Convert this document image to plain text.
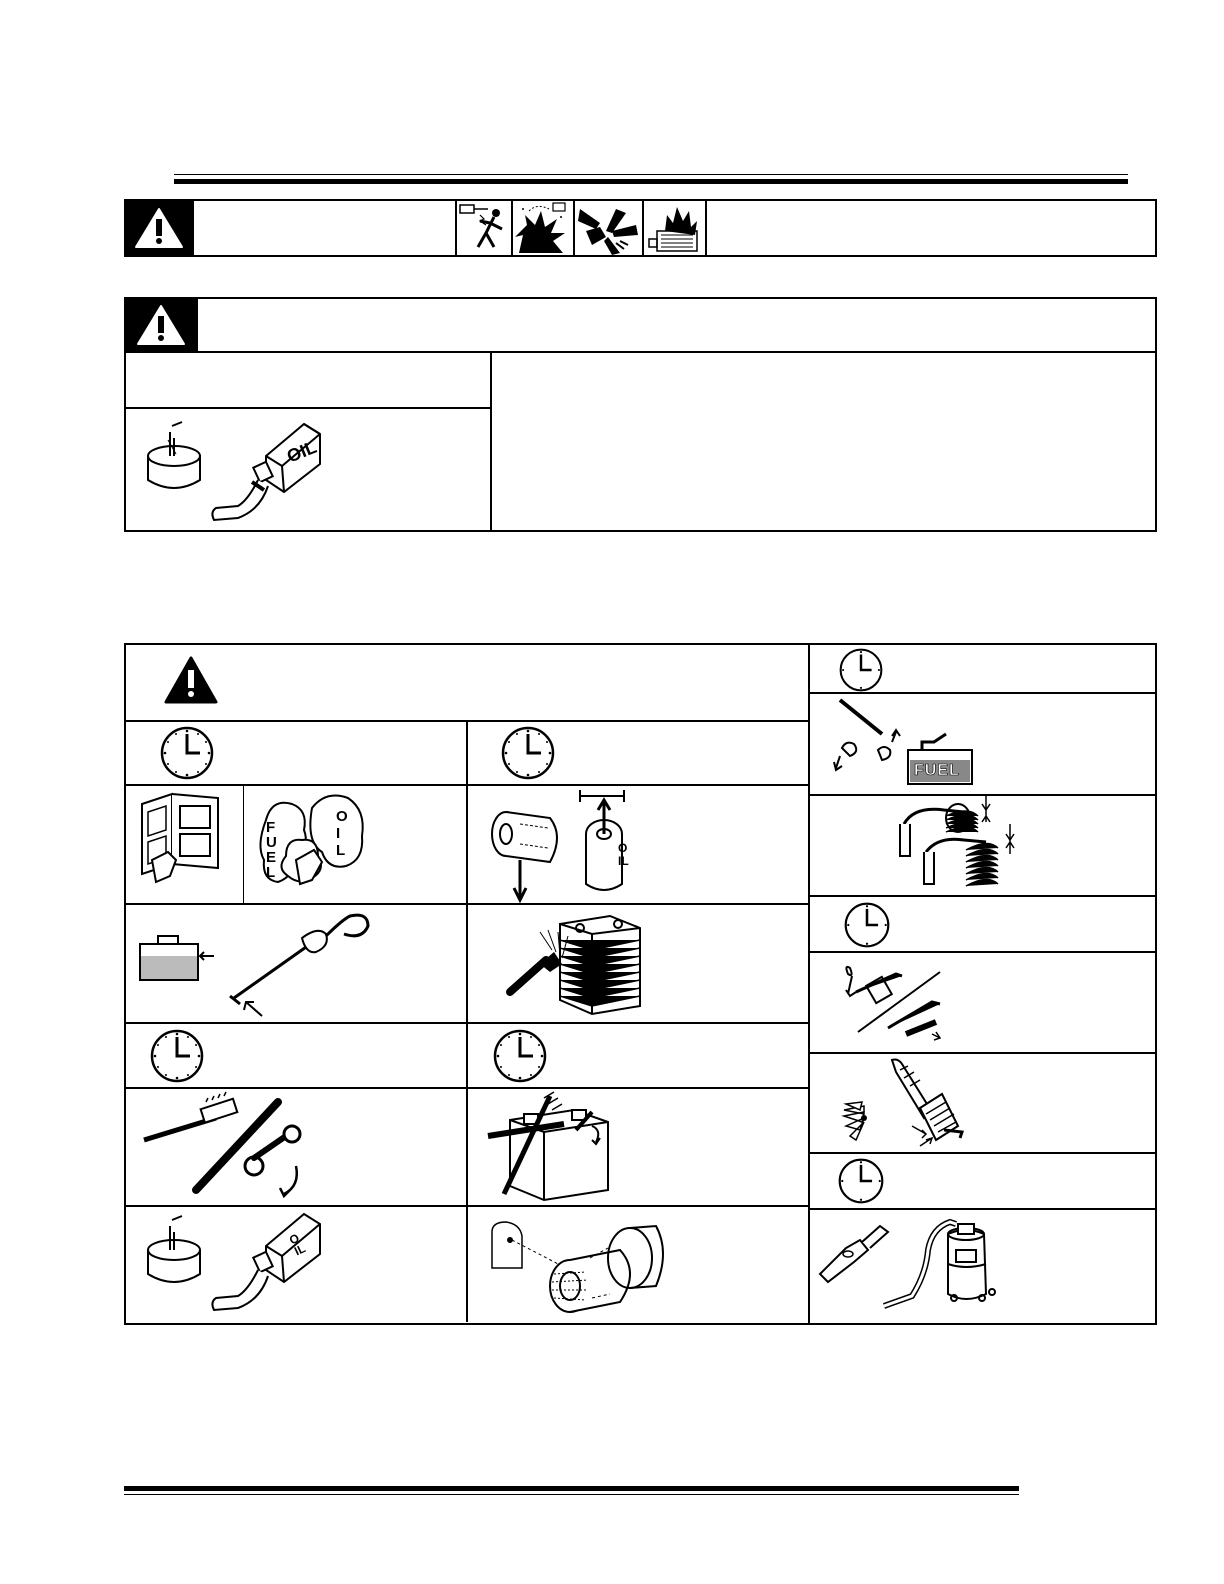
OIL
FUEL
OIL	OIL
OIL
FUEL
